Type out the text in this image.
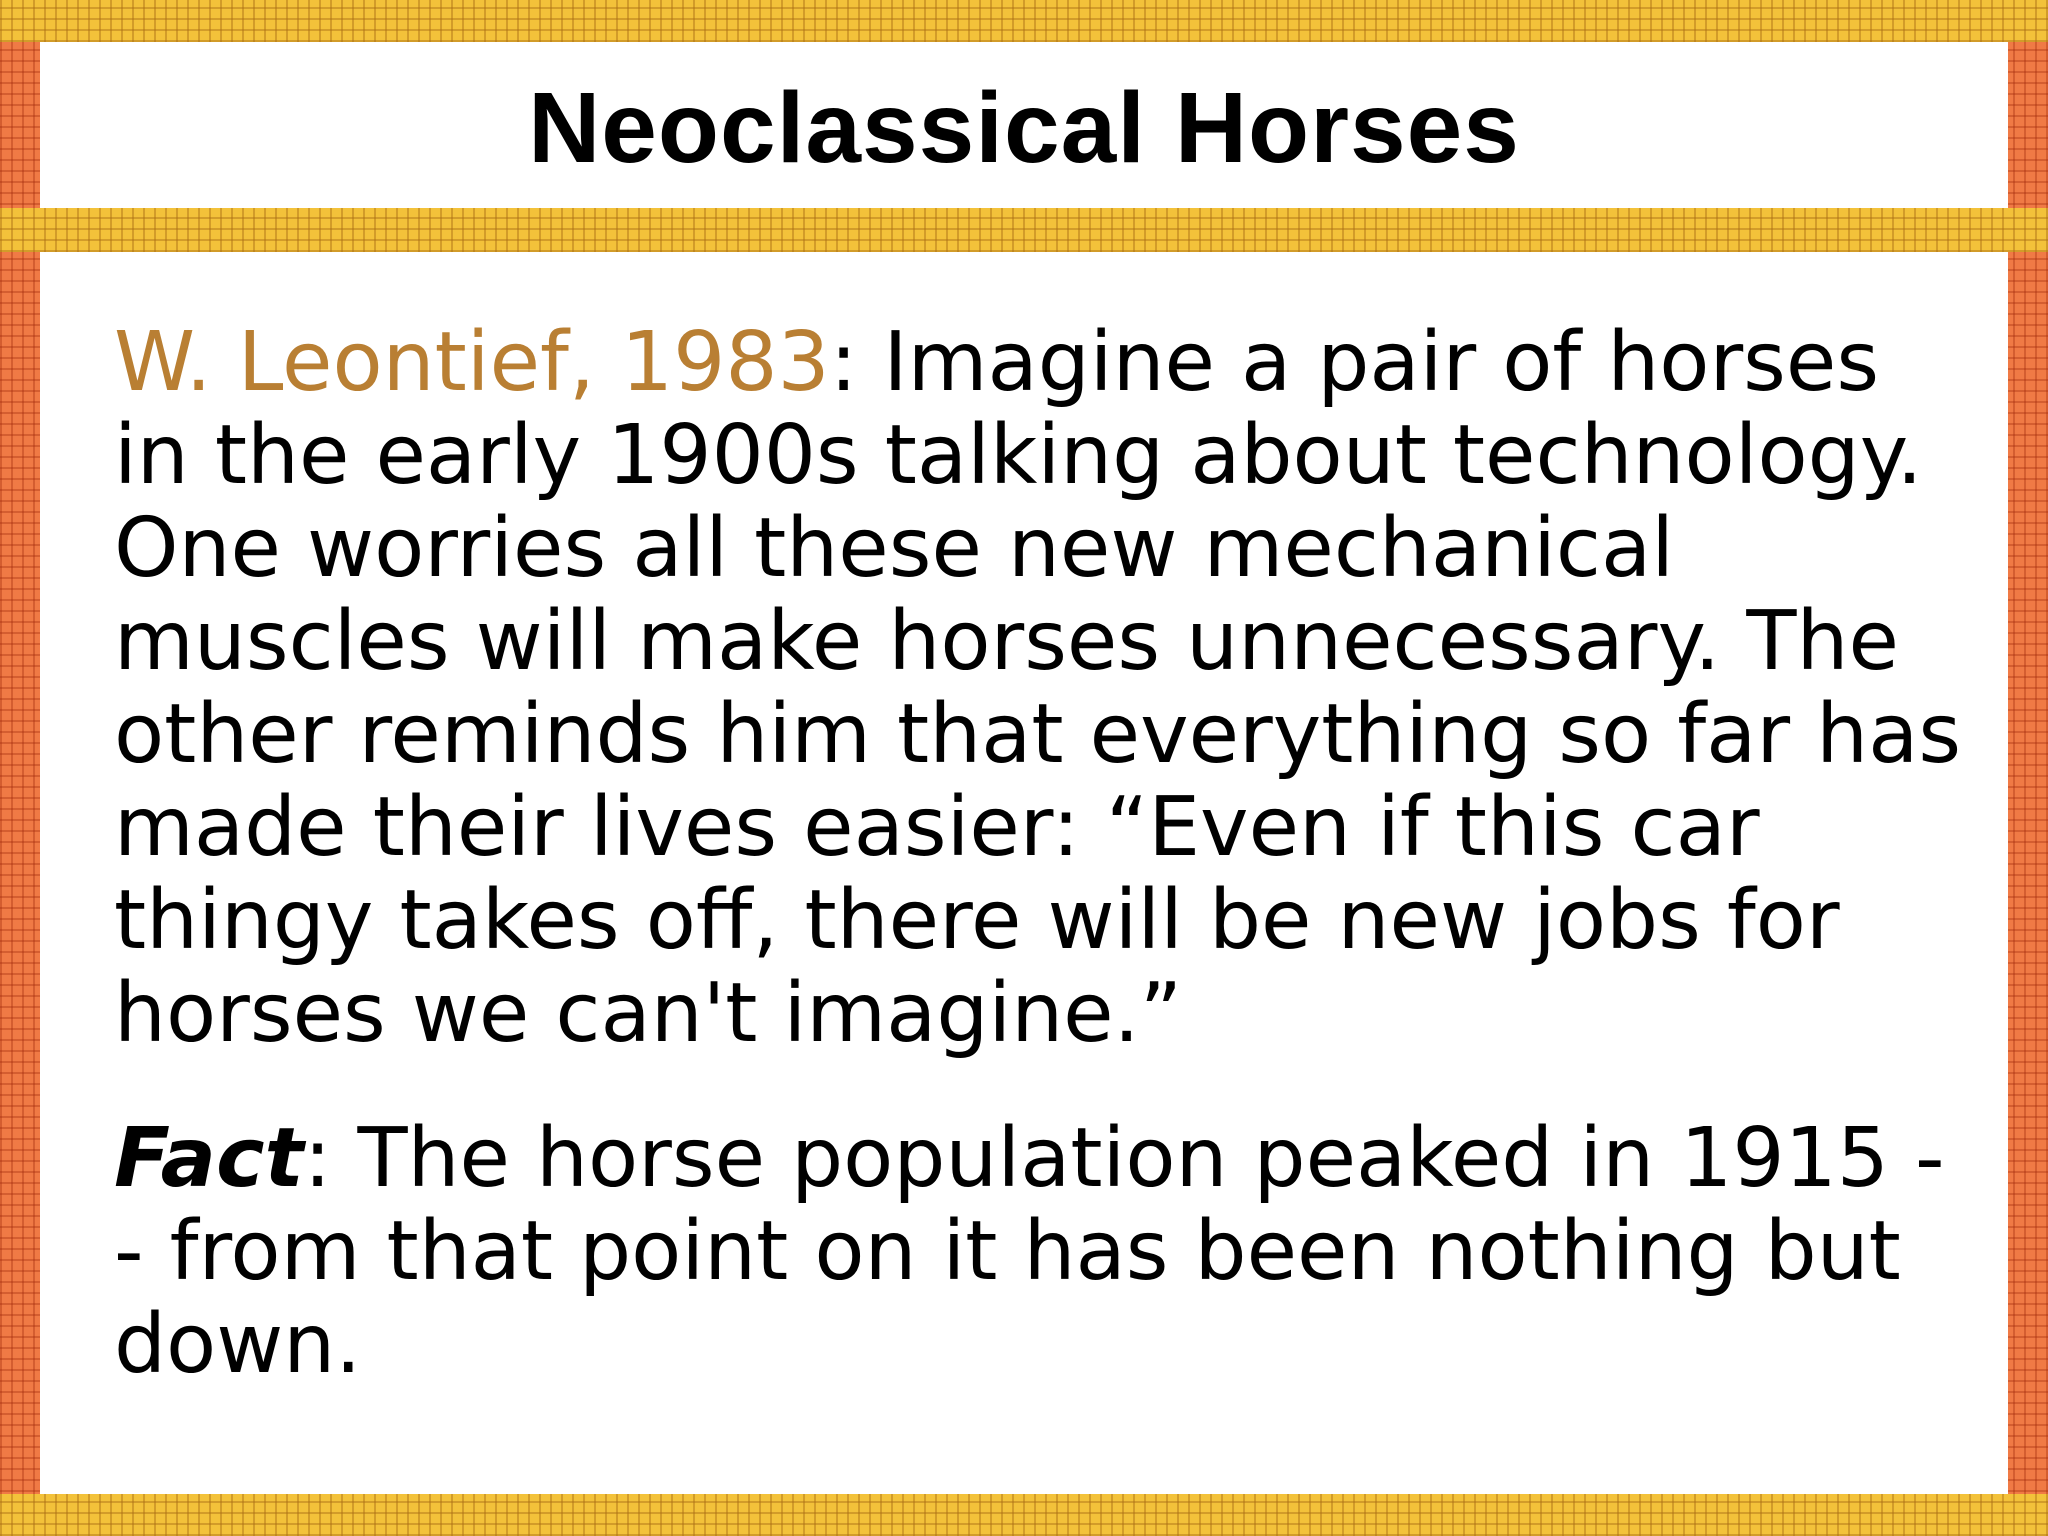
Neoclassical Horses

W. Leontief, 1983: Imagine a pair of horses in the early 1900s talking about technology. One worries all these new mechanical muscles will make horses unnecessary. The other reminds him that everything so far has made their lives easier: “Even if this car thingy takes off, there will be new jobs for horses we can't imagine.”

Fact: The horse population peaked in 1915 -- from that point on it has been nothing but down.
